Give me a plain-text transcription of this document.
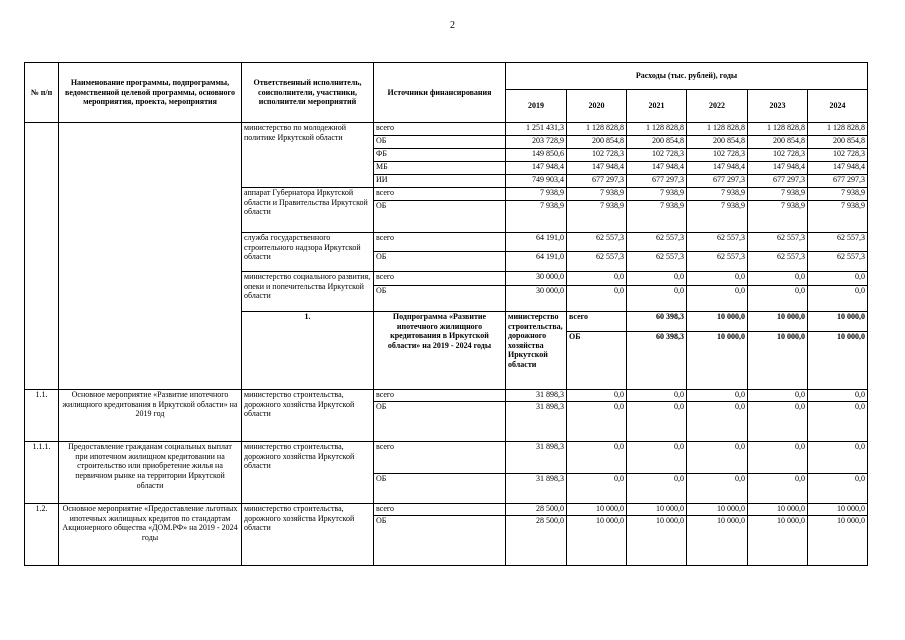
2
№ п/п	Наименование программы, подпрограммы, ведомственной целевой программы, основного мероприятия, проекта, мероприятия	Ответственный исполнитель, соисполнители, участники, исполнители мероприятий	Источники финансирования	Расходы (тыс. рублей), годы						
				2019	2020	2021	2022	2023	2024	
		министерство по молодежной политике Иркутской области	всего	1 251 431,3	1 128 828,8	1 128 828,8	1 128 828,8	1 128 828,8	1 128 828,8	
			ОБ	203 728,9	200 854,8	200 854,8	200 854,8	200 854,8	200 854,8	
			ФБ	149 850,6	102 728,3	102 728,3	102 728,3	102 728,3	102 728,3	
			МБ	147 948,4	147 948,4	147 948,4	147 948,4	147 948,4	147 948,4	
			ИИ	749 903,4	677 297,3	677 297,3	677 297,3	677 297,3	677 297,3	
		аппарат Губернатора Иркутской области и Правительства Иркутской области	всего	7 938,9	7 938,9	7 938,9	7 938,9	7 938,9	7 938,9	
			ОБ	7 938,9	7 938,9	7 938,9	7 938,9	7 938,9	7 938,9	
		служба государственного строительного надзора Иркутской области	всего	64 191,0	62 557,3	62 557,3	62 557,3	62 557,3	62 557,3	
			ОБ	64 191,0	62 557,3	62 557,3	62 557,3	62 557,3	62 557,3	
		министерство социального развития, опеки и попечительства Иркутской области	всего	30 000,0	0,0	0,0	0,0	0,0	0,0	
			ОБ	30 000,0	0,0	0,0	0,0	0,0	0,0	
		1.	Подпрограмма «Развитие ипотечного жилищного кредитования в Иркутской области» на 2019 - 2024 годы	министерство строительства, дорожного хозяйства Иркутской области	всего	60 398,3	10 000,0	10 000,0	10 000,0		
					ОБ	60 398,3	10 000,0	10 000,0	10 000,0		
1.1.	Основное мероприятие «Развитие ипотечного жилищного кредитования в Иркутской области» на 2019 год	министерство строительства, дорожного хозяйства Иркутской области	всего	31 898,3	0,0	0,0	0,0	0,0	0,0	
			ОБ	31 898,3	0,0	0,0	0,0	0,0	0,0	
1.1.1.	Предоставление гражданам социальных выплат при ипотечном жилищном кредитовании на строительство или приобретение жилья на первичном рынке на территории Иркутской области	министерство строительства, дорожного хозяйства Иркутской области	всего	31 898,3	0,0	0,0	0,0	0,0	0,0	
			ОБ	31 898,3	0,0	0,0	0,0	0,0	0,0	
1.2.	Основное мероприятие «Предоставление льготных ипотечных жилищных кредитов по стандартам Акционерного общества «ДОМ.РФ» на 2019 - 2024 годы	министерство строительства, дорожного хозяйства Иркутской области	всего	28 500,0	10 000,0	10 000,0	10 000,0	10 000,0	10 000,0	
			ОБ	28 500,0	10 000,0	10 000,0	10 000,0	10 000,0	10 000,0	
